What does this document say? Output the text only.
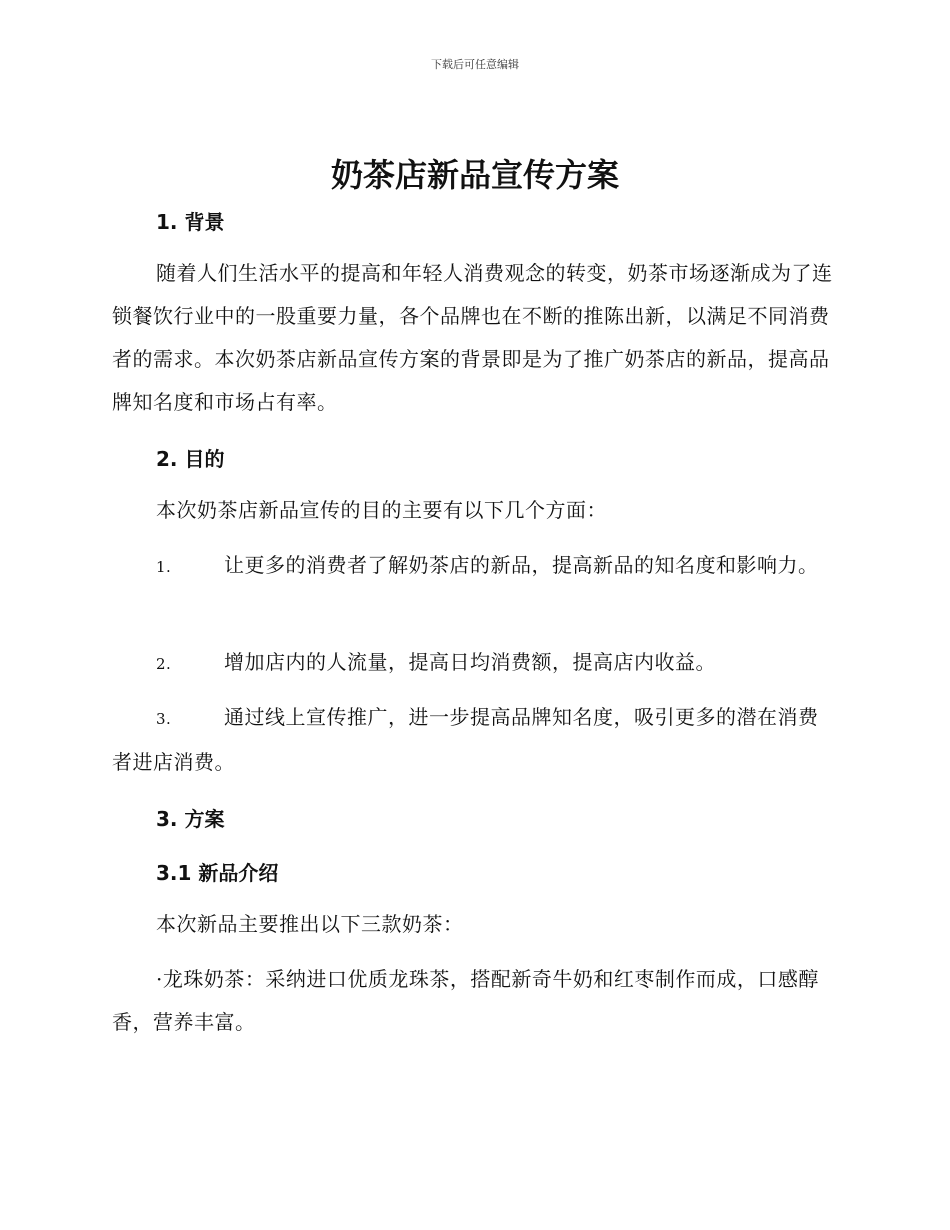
下载后可任意编辑
奶茶店新品宣传方案
1. 背景

随着人们生活水平的提高和年轻人消费观念的转变，奶茶市场逐渐成为了连锁餐饮行业中的一股重要力量，各个品牌也在不断的推陈出新，以满足不同消费者的需求。本次奶茶店新品宣传方案的背景即是为了推广奶茶店的新品，提高品牌知名度和市场占有率。

2. 目的

本次奶茶店新品宣传的目的主要有以下几个方面：

1.	让更多的消费者了解奶茶店的新品，提高新品的知名度和影响力。

2.	增加店内的人流量，提高日均消费额，提高店内收益。

3.	通过线上宣传推广，进一步提高品牌知名度，吸引更多的潜在消费者进店消费。

3. 方案
3.1 新品介绍

本次新品主要推出以下三款奶茶：

·龙珠奶茶：采纳进口优质龙珠茶，搭配新奇牛奶和红枣制作而成，口感醇香，营养丰富。
